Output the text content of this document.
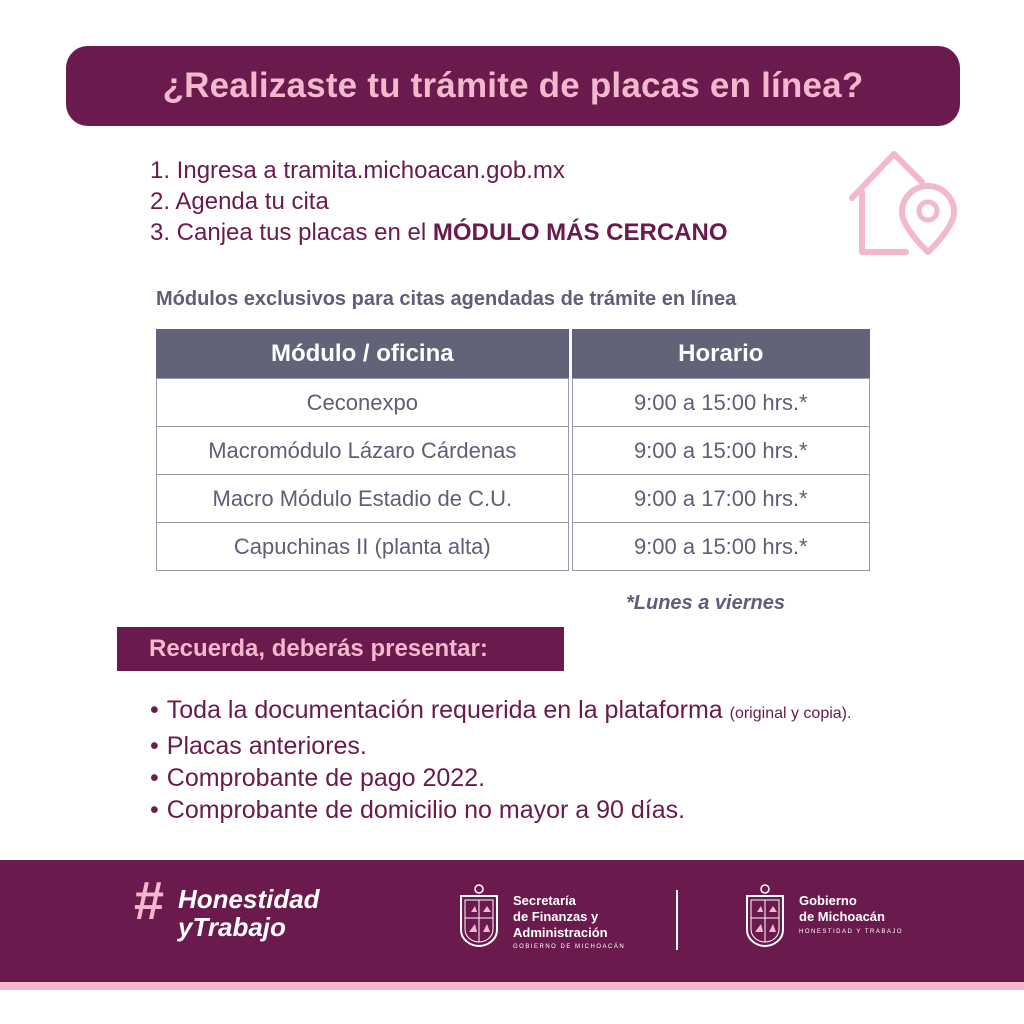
¿Realizaste tu trámite de placas en línea?
1. Ingresa a tramita.michoacan.gob.mx
2. Agenda tu cita
3. Canjea tus placas en el MÓDULO MÁS CERCANO

Módulos exclusivos para citas agendadas de trámite en línea

Módulo / oficina	Horario
Ceconexpo	9:00 a 15:00 hrs.*
Macromódulo Lázaro Cárdenas	9:00 a 15:00 hrs.*
Macro Módulo Estadio de C.U.	9:00 a 17:00 hrs.*
Capuchinas II (planta alta)	9:00 a 15:00 hrs.*
*Lunes a viernes
Recuerda, deberás presentar:
• Toda la documentación requerida en la plataforma (original y copia).
• Placas anteriores.
• Comprobante de pago 2022.
• Comprobante de domicilio no mayor a 90 días.
# Honestidad
yTrabajo
Secretaría
de Finanzas y
Administración
GOBIERNO DE MICHOACÁN
Gobierno
de Michoacán
HONESTIDAD Y TRABAJO
